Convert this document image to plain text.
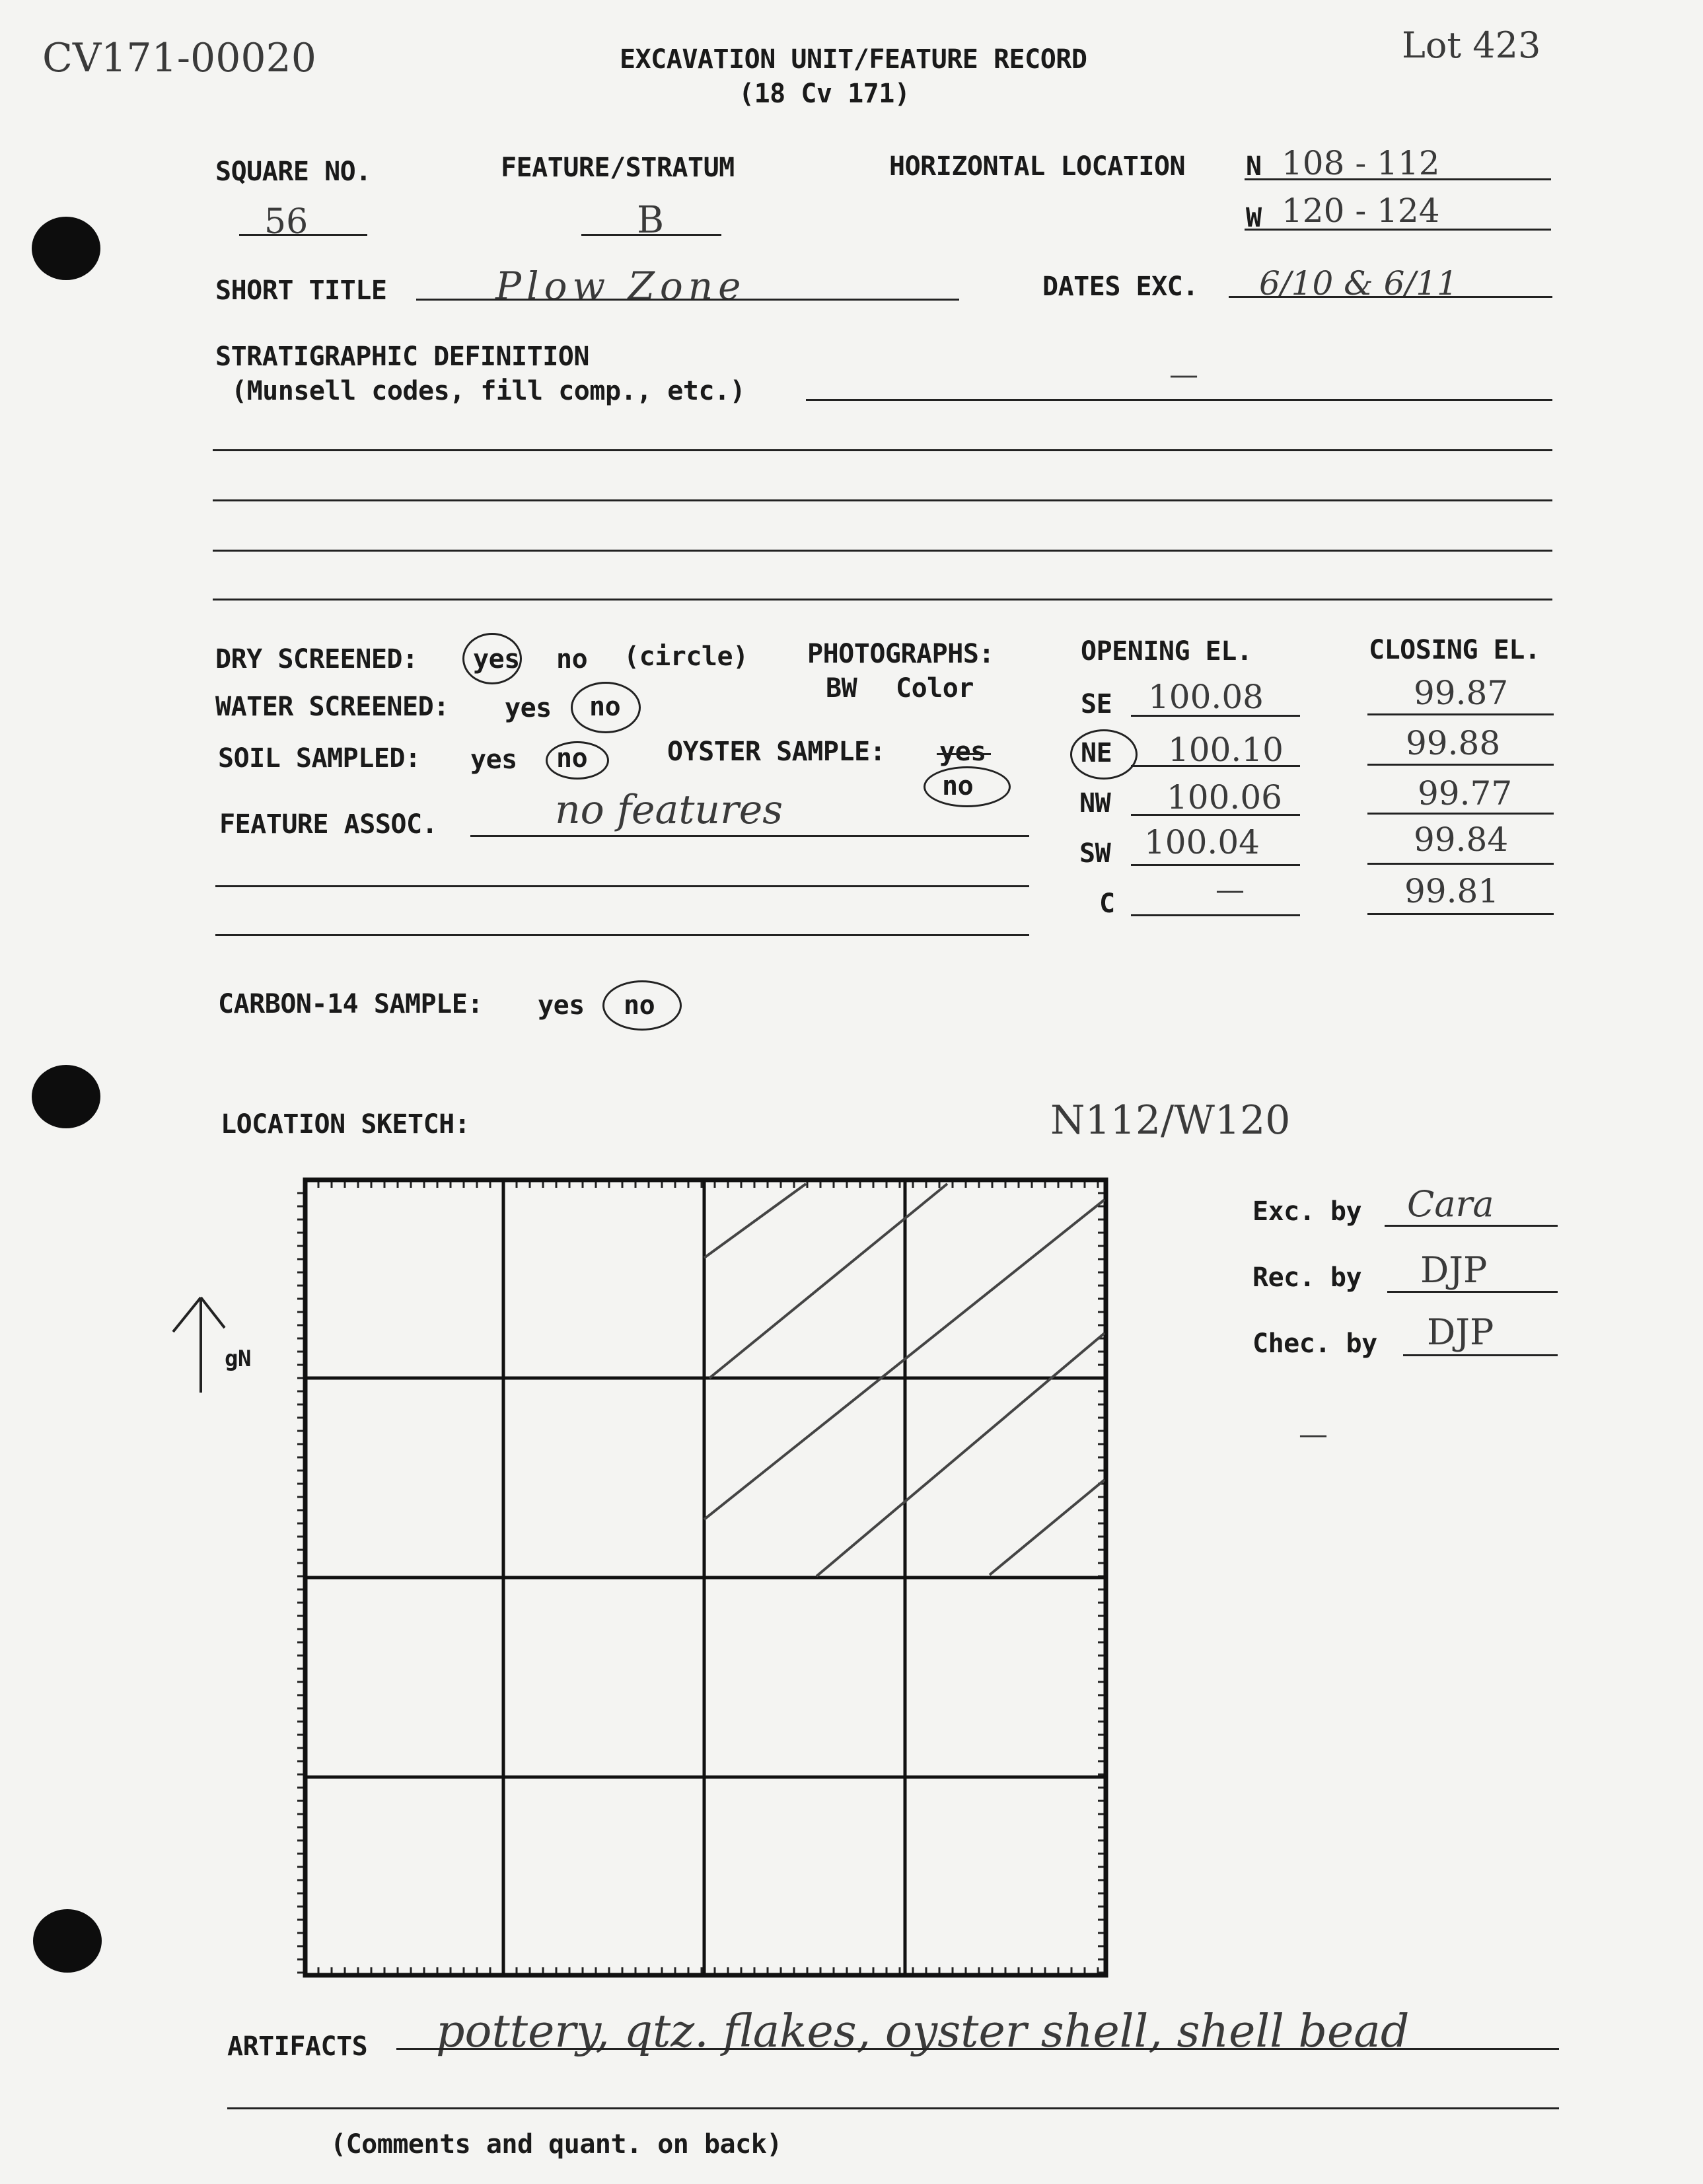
CV171-00020	Lot 423
EXCAVATION UNIT/FEATURE RECORD
(18 Cv 171)
SQUARE NO.	FEATURE/STRATUM	HORIZONTAL LOCATION N 108 - 112
56	B	W 120 - 124
SHORT TITLE	Plow Zone	DATES EXC. 6/10 & 6/11
STRATIGRAPHIC DEFINITION
(Munsell codes, fill comp., etc.)	—
DRY SCREENED: yes no (circle)
WATER SCREENED: yes no
SOIL SAMPLED: yes no	OYSTER SAMPLE: yes
no
PHOTOGRAPHS:
BW Color
FEATURE ASSOC.	no features
OPENING EL.	CLOSING EL.
SE 100.08	99.87
NE 100.10	99.88
NW 100.06	99.77
SW 100.04	99.84
C	—	99.81
CARBON-14 SAMPLE: yes no
LOCATION SKETCH:	N112/W120
gN
Exc. by Cara
Rec. by DJP
Chec. by DJP
—
ARTIFACTS pottery, qtz. flakes, oyster shell, shell bead
(Comments and quant. on back)
